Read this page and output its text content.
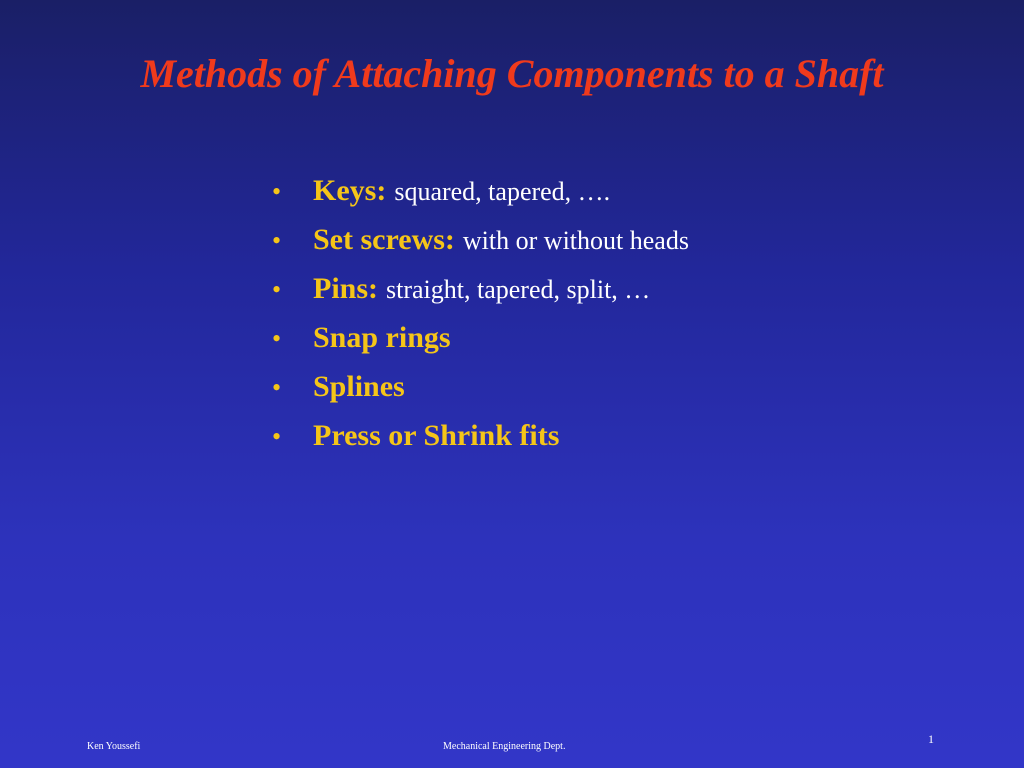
Methods of Attaching Components to a Shaft
•	Keys: squared, tapered, ….
•	Set screws: with or without heads
•	Pins: straight, tapered, split, …
•	Snap rings
•	Splines
•	Press or Shrink fits
Ken Youssefi	Mechanical Engineering Dept.
1
